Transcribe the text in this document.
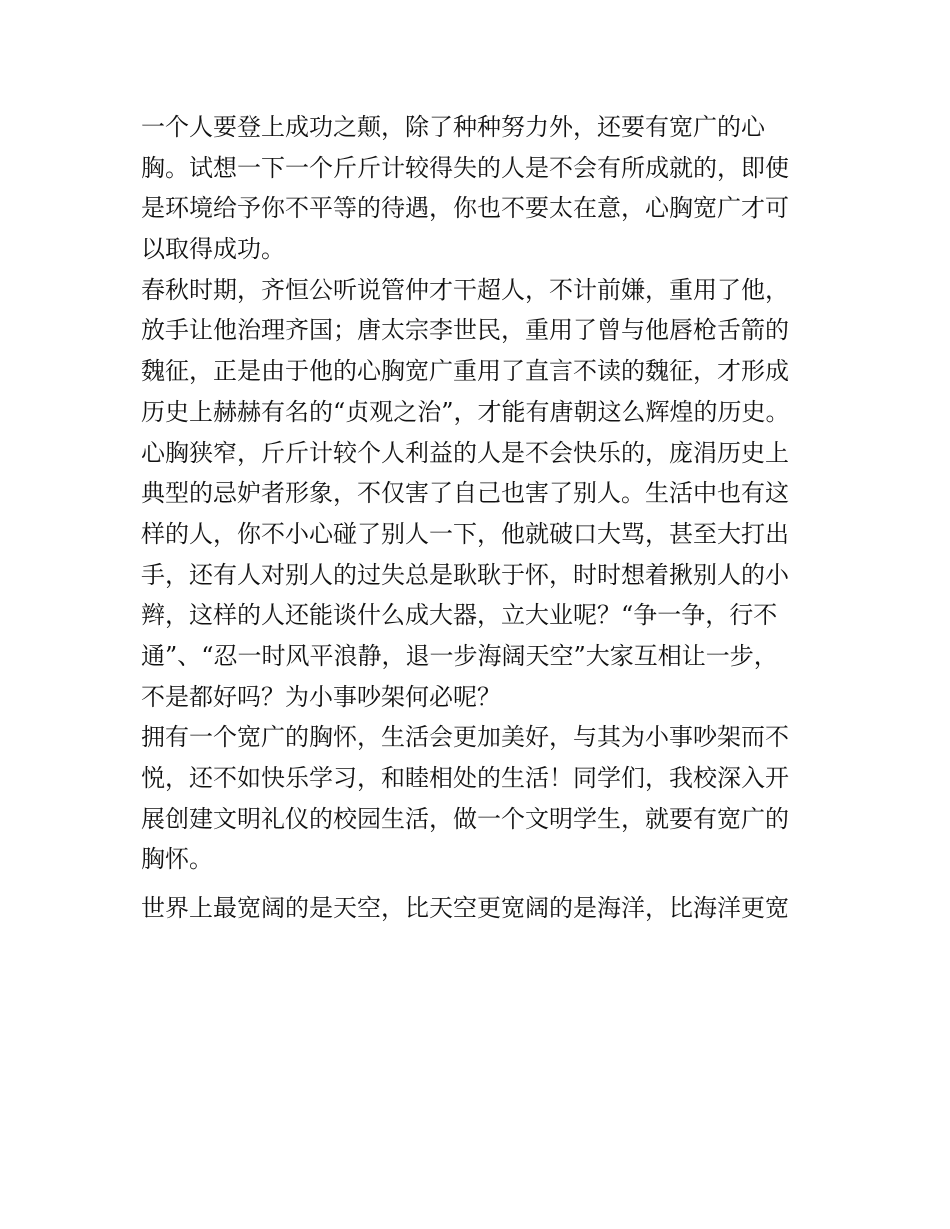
一个人要登上成功之颠，除了种种努力外，还要有宽广的心
胸。试想一下一个斤斤计较得失的人是不会有所成就的，即使
是环境给予你不平等的待遇，你也不要太在意，心胸宽广才可
以取得成功。
春秋时期，齐恒公听说管仲才干超人，不计前嫌，重用了他，
放手让他治理齐国；唐太宗李世民，重用了曾与他唇枪舌箭的
魏征，正是由于他的心胸宽广重用了直言不读的魏征，才形成
历史上赫赫有名的“贞观之治”，才能有唐朝这么辉煌的历史。
心胸狭窄，斤斤计较个人利益的人是不会快乐的，庞涓历史上
典型的忌妒者形象，不仅害了自己也害了别人。生活中也有这
样的人，你不小心碰了别人一下，他就破口大骂，甚至大打出
手，还有人对别人的过失总是耿耿于怀，时时想着揪别人的小
辫，这样的人还能谈什么成大器，立大业呢？“争一争，行不
通”、“忍一时风平浪静，退一步海阔天空”大家互相让一步，
不是都好吗？为小事吵架何必呢？
拥有一个宽广的胸怀，生活会更加美好，与其为小事吵架而不
悦，还不如快乐学习，和睦相处的生活！同学们，我校深入开
展创建文明礼仪的校园生活，做一个文明学生，就要有宽广的
胸怀。
世界上最宽阔的是天空，比天空更宽阔的是海洋，比海洋更宽
